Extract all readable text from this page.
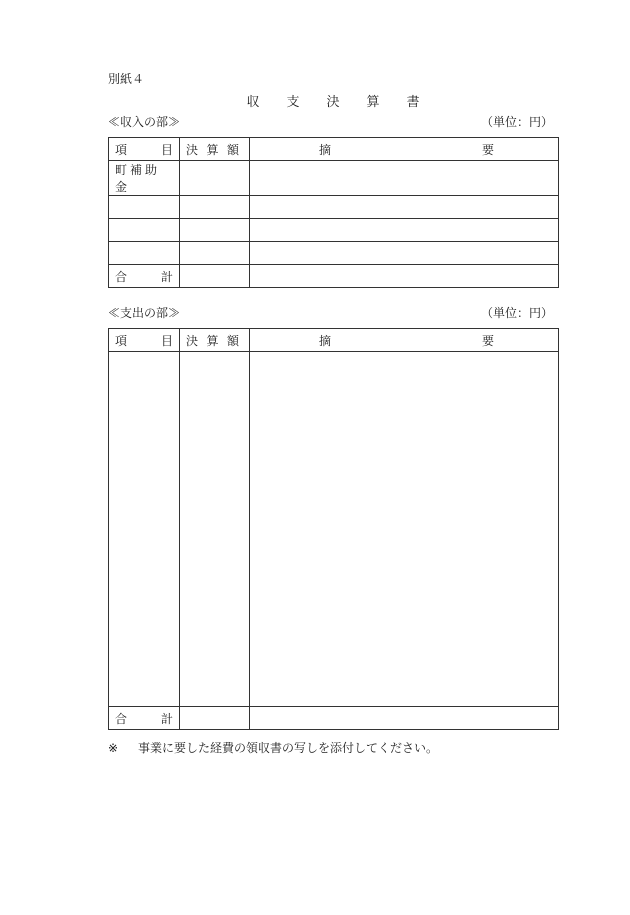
別紙４
収支決算書
≪収入の部≫	（単位：円）
項 目	決 算 額	摘 要

町補助金		

合 計		

≪支出の部≫	（単位：円）
項 目	決 算 額	摘 要

合 計		

※ 事業に要した経費の領収書の写しを添付してください。
